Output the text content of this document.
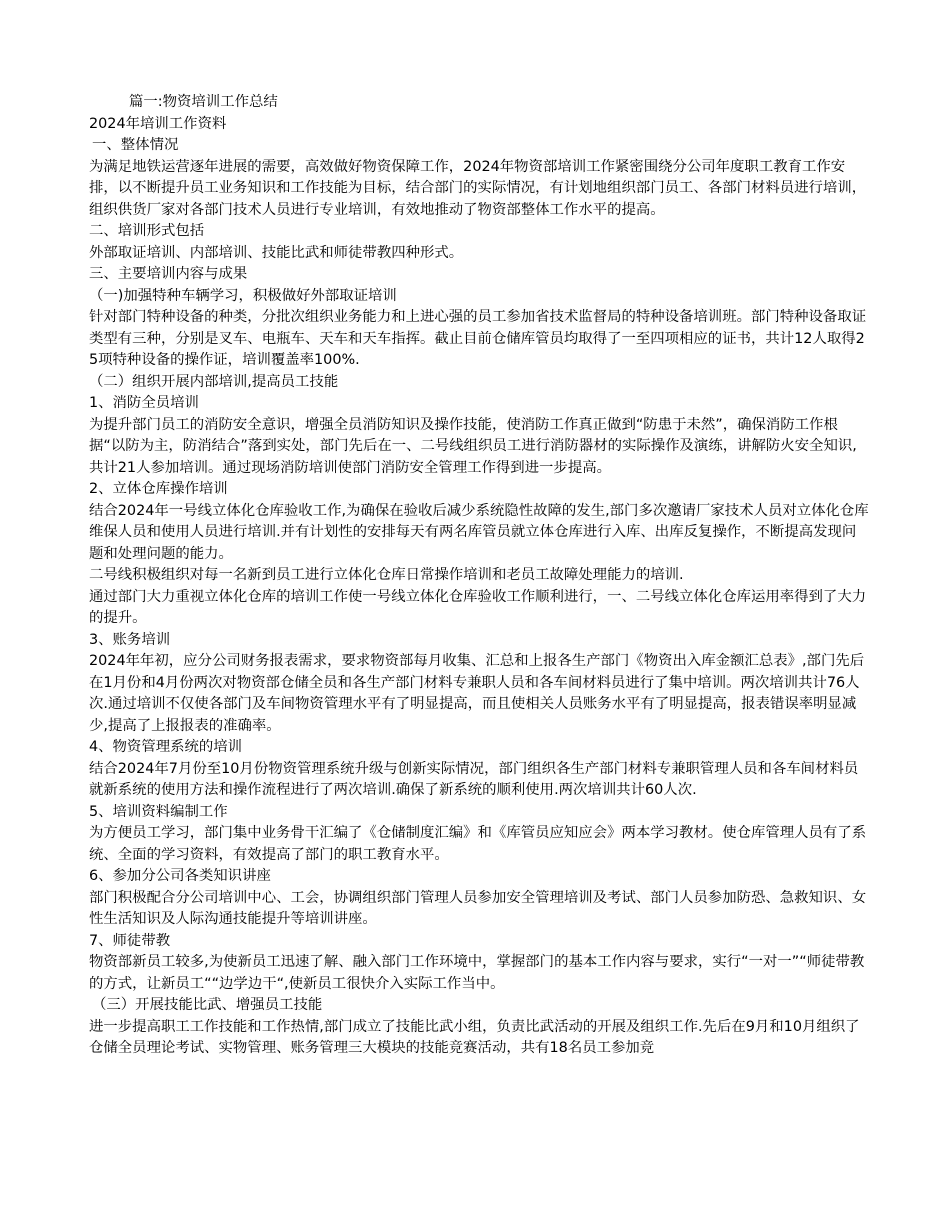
篇一:物资培训工作总结
2024年培训工作资料
一、整体情况
为满足地铁运营逐年进展的需要，高效做好物资保障工作，2024年物资部培训工作紧密围绕分公司年度职工教育工作安排，以不断提升员工业务知识和工作技能为目标，结合部门的实际情况，有计划地组织部门员工、各部门材料员进行培训，组织供货厂家对各部门技术人员进行专业培训，有效地推动了物资部整体工作水平的提高。
二、培训形式包括
外部取证培训、内部培训、技能比武和师徒带教四种形式。
三、主要培训内容与成果
（一)加强特种车辆学习，积极做好外部取证培训
针对部门特种设备的种类，分批次组织业务能力和上进心强的员工参加省技术监督局的特种设备培训班。部门特种设备取证类型有三种，分别是叉车、电瓶车、天车和天车指挥。截止目前仓储库管员均取得了一至四项相应的证书，共计12人取得25项特种设备的操作证，培训覆盖率100%.
（二）组织开展内部培训,提高员工技能
1、消防全员培训
为提升部门员工的消防安全意识，增强全员消防知识及操作技能，使消防工作真正做到“防患于未然”，确保消防工作根据“以防为主，防消结合”落到实处，部门先后在一、二号线组织员工进行消防器材的实际操作及演练，讲解防火安全知识,共计21人参加培训。通过现场消防培训使部门消防安全管理工作得到进一步提高。
2、立体仓库操作培训
结合2024年一号线立体化仓库验收工作,为确保在验收后减少系统隐性故障的发生,部门多次邀请厂家技术人员对立体化仓库维保人员和使用人员进行培训.并有计划性的安排每天有两名库管员就立体仓库进行入库、出库反复操作，不断提高发现问题和处理问题的能力。
二号线积极组织对每一名新到员工进行立体化仓库日常操作培训和老员工故障处理能力的培训.
通过部门大力重视立体化仓库的培训工作使一号线立体化仓库验收工作顺利进行，一、二号线立体化仓库运用率得到了大力的提升。
3、账务培训
2024年年初，应分公司财务报表需求，要求物资部每月收集、汇总和上报各生产部门《物资出入库金额汇总表》,部门先后在1月份和4月份两次对物资部仓储全员和各生产部门材料专兼职人员和各车间材料员进行了集中培训。两次培训共计76人次.通过培训不仅使各部门及车间物资管理水平有了明显提高，而且使相关人员账务水平有了明显提高，报表错误率明显减少,提高了上报报表的准确率。
4、物资管理系统的培训
结合2024年7月份至10月份物资管理系统升级与创新实际情况，部门组织各生产部门材料专兼职管理人员和各车间材料员就新系统的使用方法和操作流程进行了两次培训.确保了新系统的顺利使用.两次培训共计60人次.
5、培训资料编制工作
为方便员工学习，部门集中业务骨干汇编了《仓储制度汇编》和《库管员应知应会》两本学习教材。使仓库管理人员有了系统、全面的学习资料，有效提高了部门的职工教育水平。
6、参加分公司各类知识讲座
部门积极配合分公司培训中心、工会，协调组织部门管理人员参加安全管理培训及考试、部门人员参加防恐、急救知识、女性生活知识及人际沟通技能提升等培训讲座。
7、师徒带教
物资部新员工较多,为使新员工迅速了解、融入部门工作环境中，掌握部门的基本工作内容与要求，实行“一对一”“师徒带教的方式，让新员工““边学边干“,使新员工很快介入实际工作当中。
（三）开展技能比武、增强员工技能
进一步提高职工工作技能和工作热情,部门成立了技能比武小组，负责比武活动的开展及组织工作.先后在9月和10月组织了仓储全员理论考试、实物管理、账务管理三大模块的技能竞赛活动，共有18名员工参加竞
